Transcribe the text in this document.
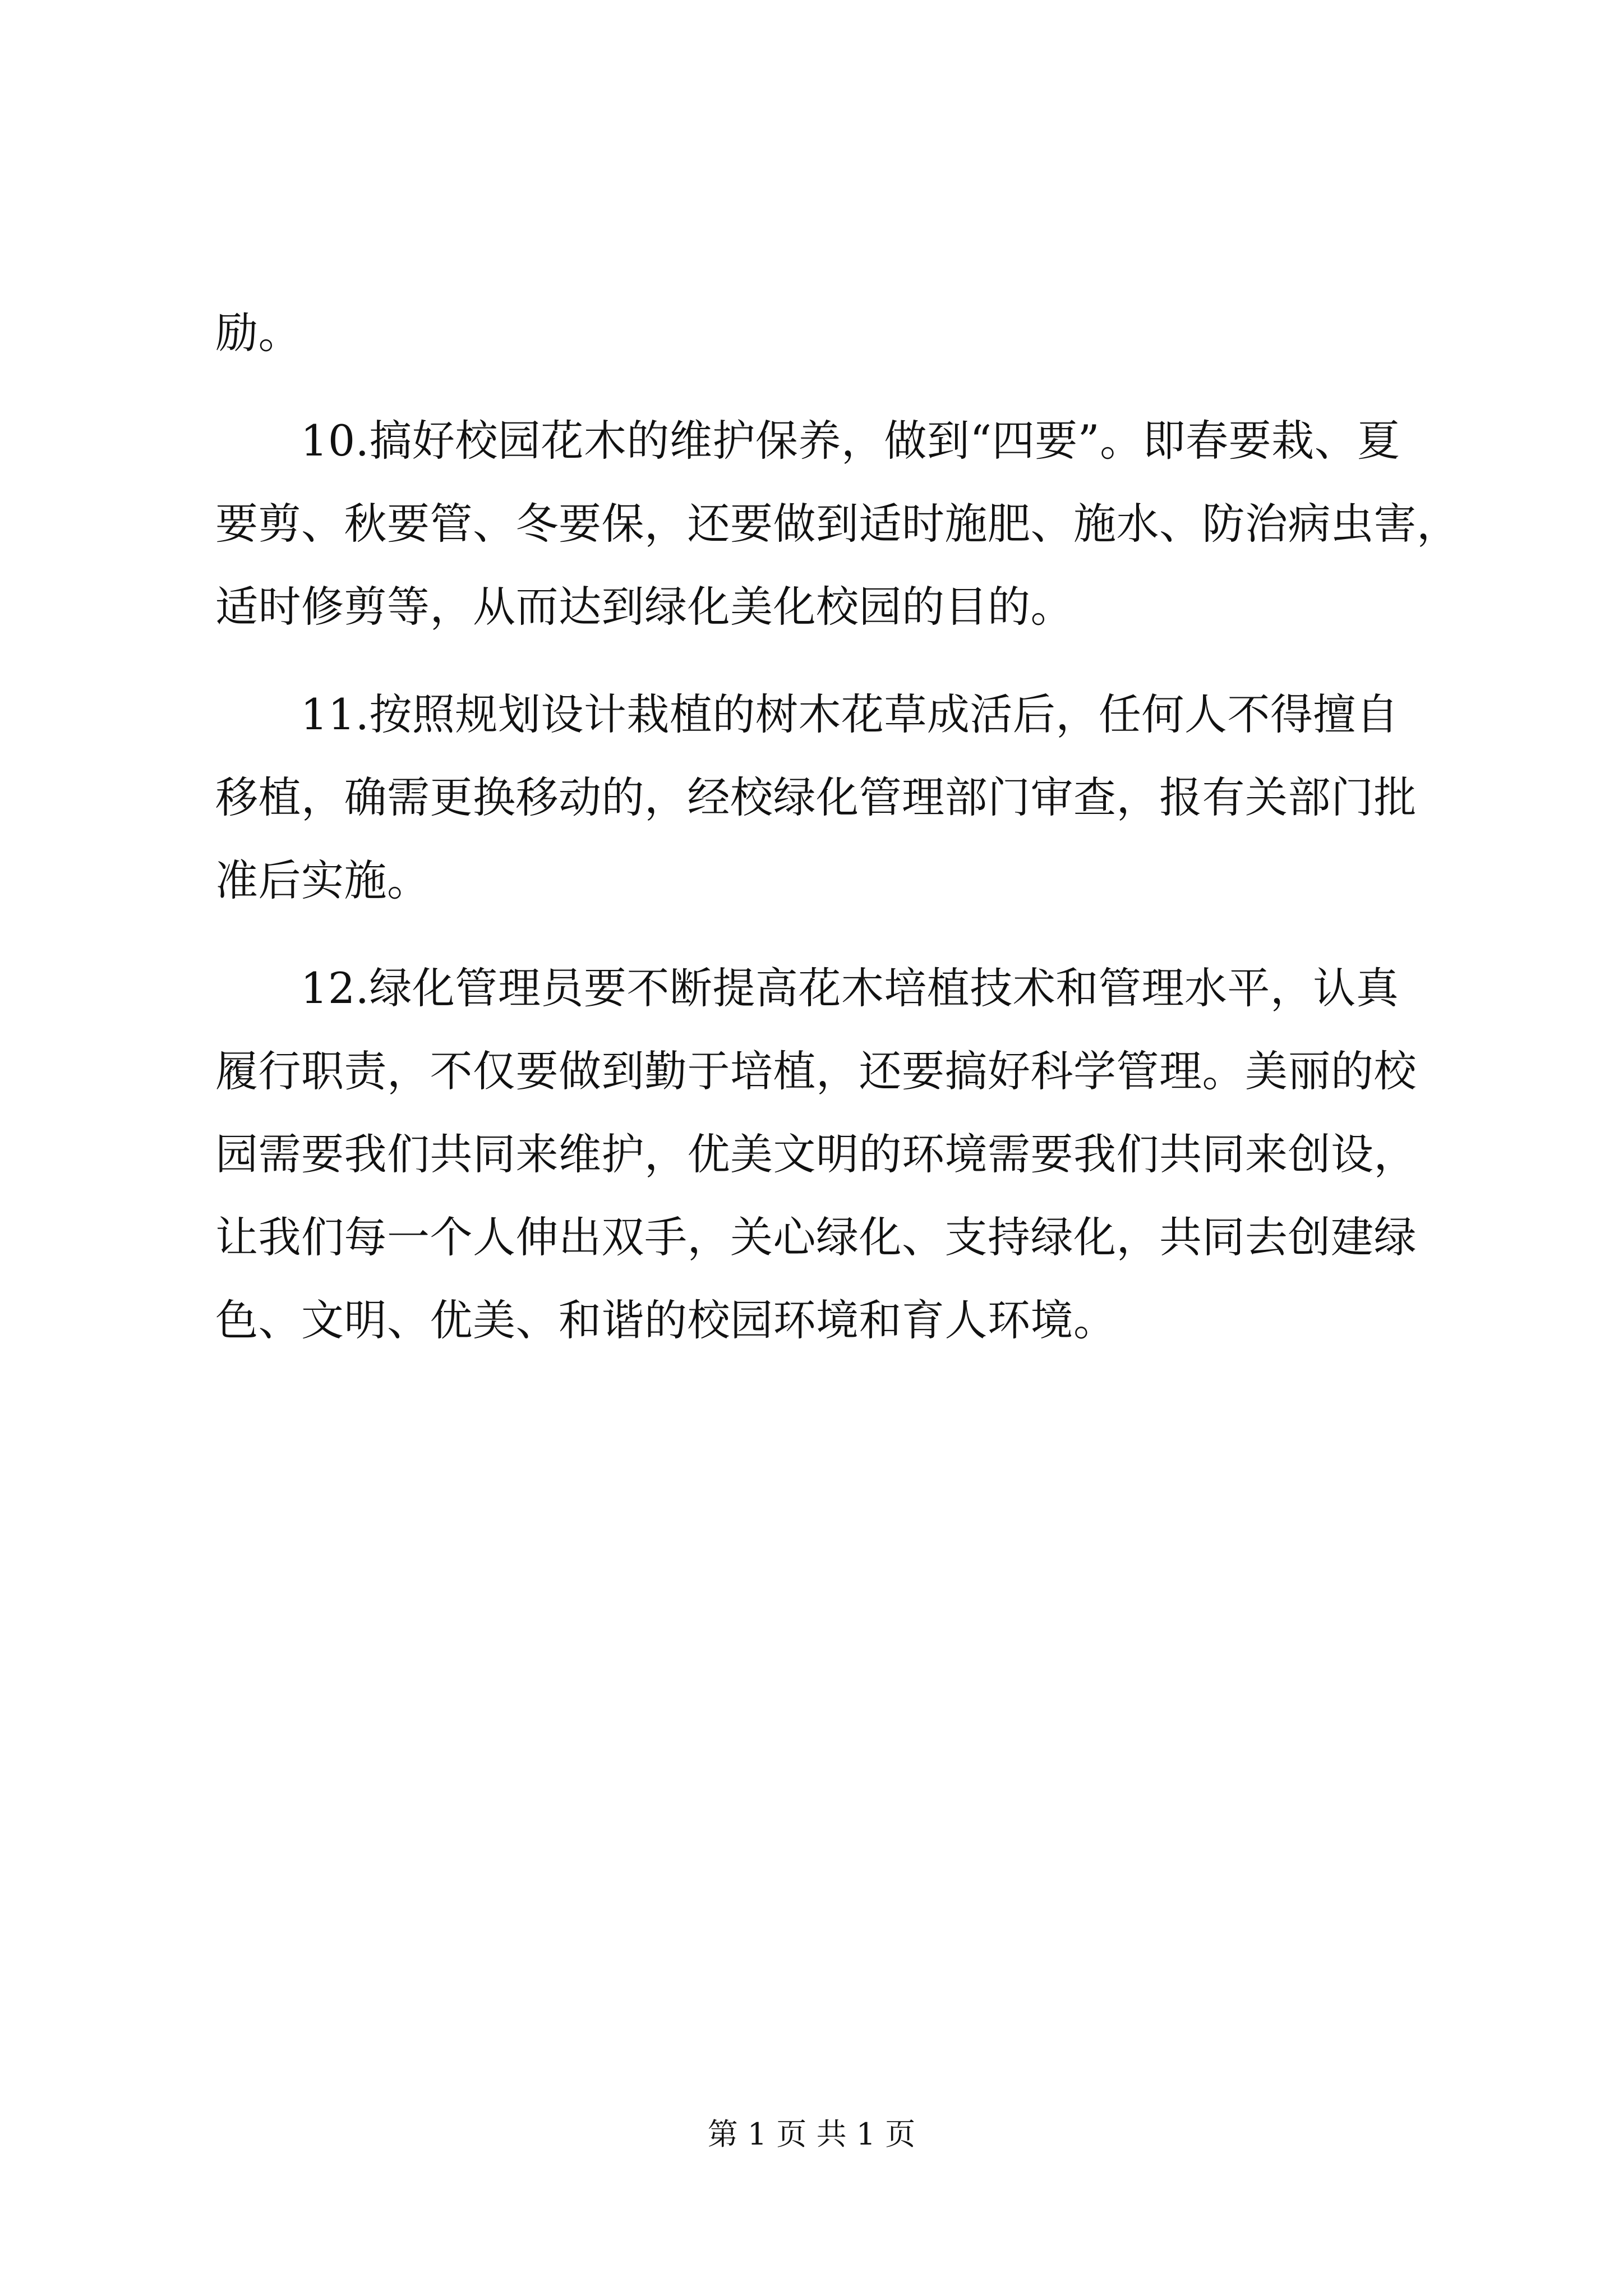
励。
10.搞好校园花木的维护保养，做到“四要”。即春要栽、夏
要剪、秋要管、冬要保，还要做到适时施肥、施水、防治病虫害，
适时修剪等，从而达到绿化美化校园的目的。
11.按照规划设计栽植的树木花草成活后，任何人不得擅自
移植，确需更换移动的，经校绿化管理部门审查，报有关部门批
准后实施。
12.绿化管理员要不断提高花木培植技术和管理水平，认真
履行职责，不仅要做到勤于培植，还要搞好科学管理。美丽的校
园需要我们共同来维护，优美文明的环境需要我们共同来创设，
让我们每一个人伸出双手，关心绿化、支持绿化，共同去创建绿
色、文明、优美、和谐的校园环境和育人环境。
第 1 页 共 1 页
